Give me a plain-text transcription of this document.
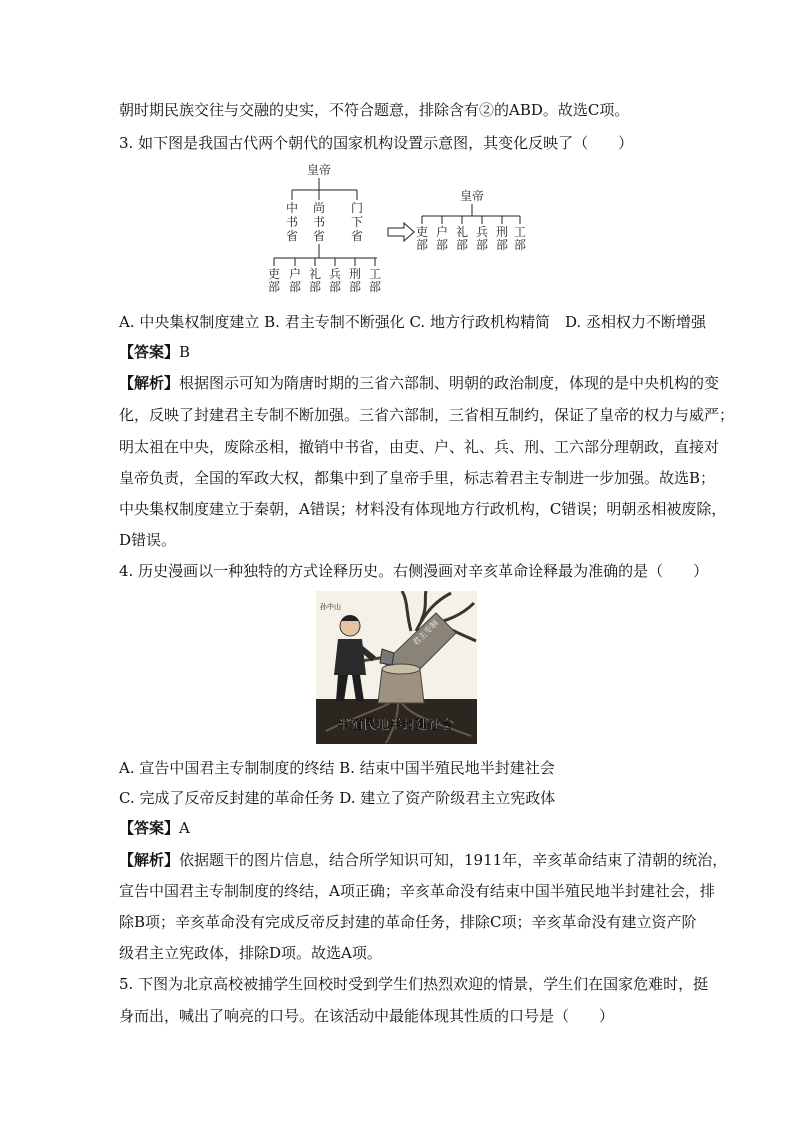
朝时期民族交往与交融的史实，不符合题意，排除含有②的ABD。故选C项。
3. 如下图是我国古代两个朝代的国家机构设置示意图，其变化反映了（　　）
皇帝
中书省
尚书省
门下省
吏部
户部
礼部
兵部
刑部
工部
皇帝
吏部
户部
礼部
兵部
刑部
工部
A. 中央集权制度建立 B. 君主专制不断强化 C. 地方行政机构精简　D. 丞相权力不断增强
【答案】B
【解析】根据图示可知为隋唐时期的三省六部制、明朝的政治制度，体现的是中央机构的变
化，反映了封建君主专制不断加强。三省六部制，三省相互制约，保证了皇帝的权力与威严；
明太祖在中央，废除丞相，撤销中书省，由吏、户、礼、兵、刑、工六部分理朝政，直接对
皇帝负责，全国的军政大权，都集中到了皇帝手里，标志着君主专制进一步加强。故选B；
中央集权制度建立于秦朝，A错误；材料没有体现地方行政机构，C错误；明朝丞相被废除，
D错误。
4. 历史漫画以一种独特的方式诠释历史。右侧漫画对辛亥革命诠释最为准确的是（　　）
孙中山
君主专制
半殖民地半封建社会
A. 宣告中国君主专制制度的终结 B. 结束中国半殖民地半封建社会
C. 完成了反帝反封建的革命任务 D. 建立了资产阶级君主立宪政体
【答案】A
【解析】依据题干的图片信息，结合所学知识可知，1911年，辛亥革命结束了清朝的统治，
宣告中国君主专制制度的终结，A项正确；辛亥革命没有结束中国半殖民地半封建社会，排
除B项；辛亥革命没有完成反帝反封建的革命任务，排除C项；辛亥革命没有建立资产阶
级君主立宪政体，排除D项。故选A项。
5. 下图为北京高校被捕学生回校时受到学生们热烈欢迎的情景，学生们在国家危难时，挺
身而出，喊出了响亮的口号。在该活动中最能体现其性质的口号是（　　）
